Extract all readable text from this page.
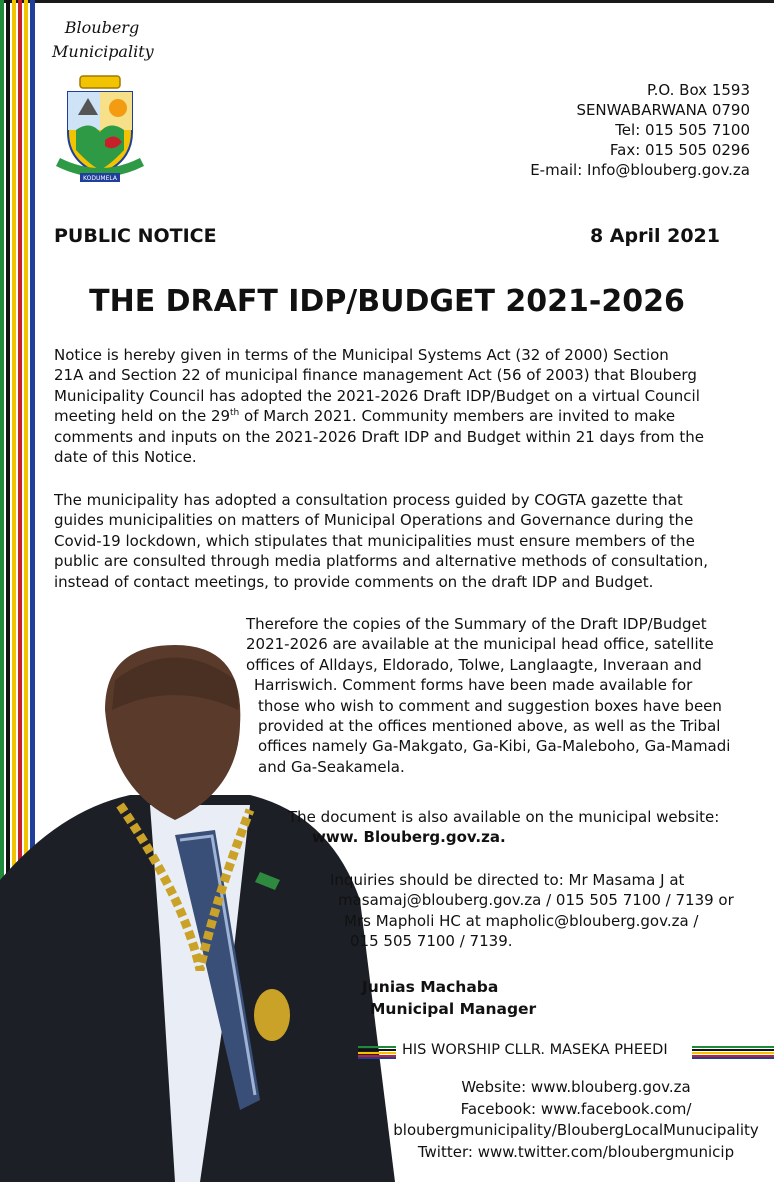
Blouberg
Municipality
KODUMELA
P.O. Box 1593
SENWABARWANA 0790
Tel: 015 505 7100
Fax: 015 505 0296
E-mail: Info@blouberg.gov.za
PUBLIC NOTICE	8 April 2021
THE DRAFT IDP/BUDGET 2021-2026
Notice is hereby given in terms of the Municipal Systems Act (32 of 2000) Section
21A and Section 22 of municipal finance management Act (56 of 2003) that Blouberg
Municipality Council has adopted the 2021-2026 Draft IDP/Budget on a virtual Council
meeting held on the 29th of March 2021. Community members are invited to make
comments and inputs on the 2021-2026 Draft IDP and Budget within 21 days from the
date of this Notice.
The municipality has adopted a consultation process guided by COGTA gazette that
guides municipalities on matters of Municipal Operations and Governance during the
Covid-19 lockdown, which stipulates that municipalities must ensure members of the
public are consulted through media platforms and alternative methods of consultation,
instead of contact meetings, to provide comments on the draft IDP and Budget.
Therefore the copies of the Summary of the Draft IDP/Budget
2021-2026 are available at the municipal head office, satellite
offices of Alldays, Eldorado, Tolwe, Langlaagte, Inveraan and
Harriswich. Comment forms have been made available for
those who wish to comment and suggestion boxes have been
provided at the offices mentioned above, as well as the Tribal
offices namely Ga-Makgato, Ga-Kibi, Ga-Maleboho, Ga-Mamadi
and Ga-Seakamela.
The document is also available on the municipal website:
www. Blouberg.gov.za.
Inquiries should be directed to: Mr Masama J at
masamaj@blouberg.gov.za / 015 505 7100 / 7139 or
Mrs Mapholi HC at mapholic@blouberg.gov.za /
015 505 7100 / 7139.
Junias Machaba
Municipal Manager
HIS WORSHIP CLLR. MASEKA PHEEDI
Website: www.blouberg.gov.za
Facebook: www.facebook.com/
bloubergmunicipality/BloubergLocalMunucipality
Twitter: www.twitter.com/bloubergmunicip
